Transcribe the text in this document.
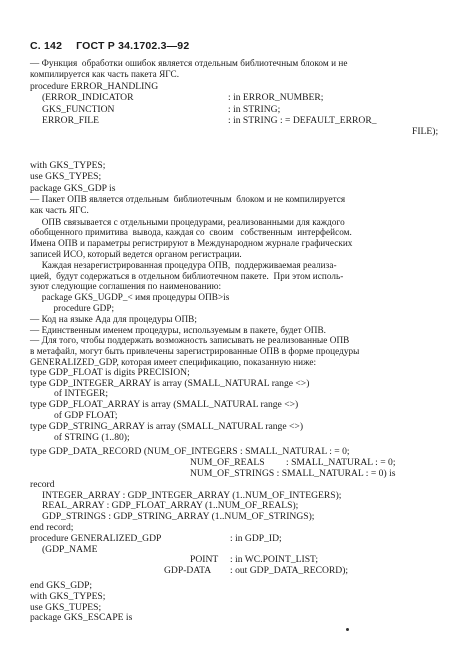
С. 142 ГОСТ Р 34.1702.3—92
— Функция  обработки ошибок является отдельным библиотечным блоком и не
компилируется как часть пакета ЯГС.
procedure ERROR_HANDLING

(ERROR_INDICATOR

	: in ERROR_NUMBER;

GKS_FUNCTION

	: in STRING;

ERROR_FILE

	: in STRING : = DEFAULT_ERROR_

FILE);

with GKS_TYPES;
use GKS_TYPES;
package GKS_GDP is
— Пакет ОПВ является отдельным  библиотечным  блоком и не компилируется
как часть ЯГС.
ОПВ связывается с отдельными процедурами, реализованными для каждого
обобщенного примитива  вывода, каждая со  своим   собственным  интерфейсом.
Имена ОПВ и параметры регистрируют в Международном журнале графических
записей ИСО, который ведется органом регистрации.
Каждая незарегистрированная процедура ОПВ,  поддерживаемая реализа-
цией,  будут содержаться в отдельном библиотечном пакете.  При этом исполь-
зуют следующие соглашения по наименованию:
package GKS_UGDP_< имя процедуры ОПВ>is
procedure GDP;
— Код на языке Ада для процедуры ОПВ;
— Единственным именем процедуры, используемым в пакете, будет ОПВ.
— Для того, чтобы поддержать возможность записывать не реализованные ОПВ
в метафайл, могут быть привлечены зарегистрированные ОПВ в форме процедуры
GENERALIZED_GDP, которая имеет спецификацию, показанную ниже:
type GDP_FLOAT is digits PRECISION;
type GDP_INTEGER_ARRAY is array (SMALL_NATURAL range <>)
of INTEGER;
type GDP_FLOAT_ARRAY is array (SMALL_NATURAL range <>)
of GDP FLOAT;
type GDP_STRING_ARRAY is array (SMALL_NATURAL range <>)
of STRING (1..80);
type GDP_DATA_RECORD (NUM_OF_INTEGERS : SMALL_NATURAL : = 0;

NUM_OF_REALS

: SMALL_NATURAL : = 0;

NUM_OF_STRINGS : SMALL_NATURAL : = 0) is

record
INTEGER_ARRAY : GDP_INTEGER_ARRAY (1..NUM_OF_INTEGERS);
REAL_ARRAY : GDP_FLOAT_ARRAY (1..NUM_OF_REALS);
GDP_STRINGS : GDP_STRING_ARRAY (1..NUM_OF_STRINGS);
end record;

procedure GENERALIZED_GDP

	: in GDP_ID;

(GDP_NAME

POINT

: in WC.POINT_LIST;

GDP-DATA

: out GDP_DATA_RECORD);

end GKS_GDP;
with GKS_TYPES;
use GKS_TUPES;
package GKS_ESCAPE is
